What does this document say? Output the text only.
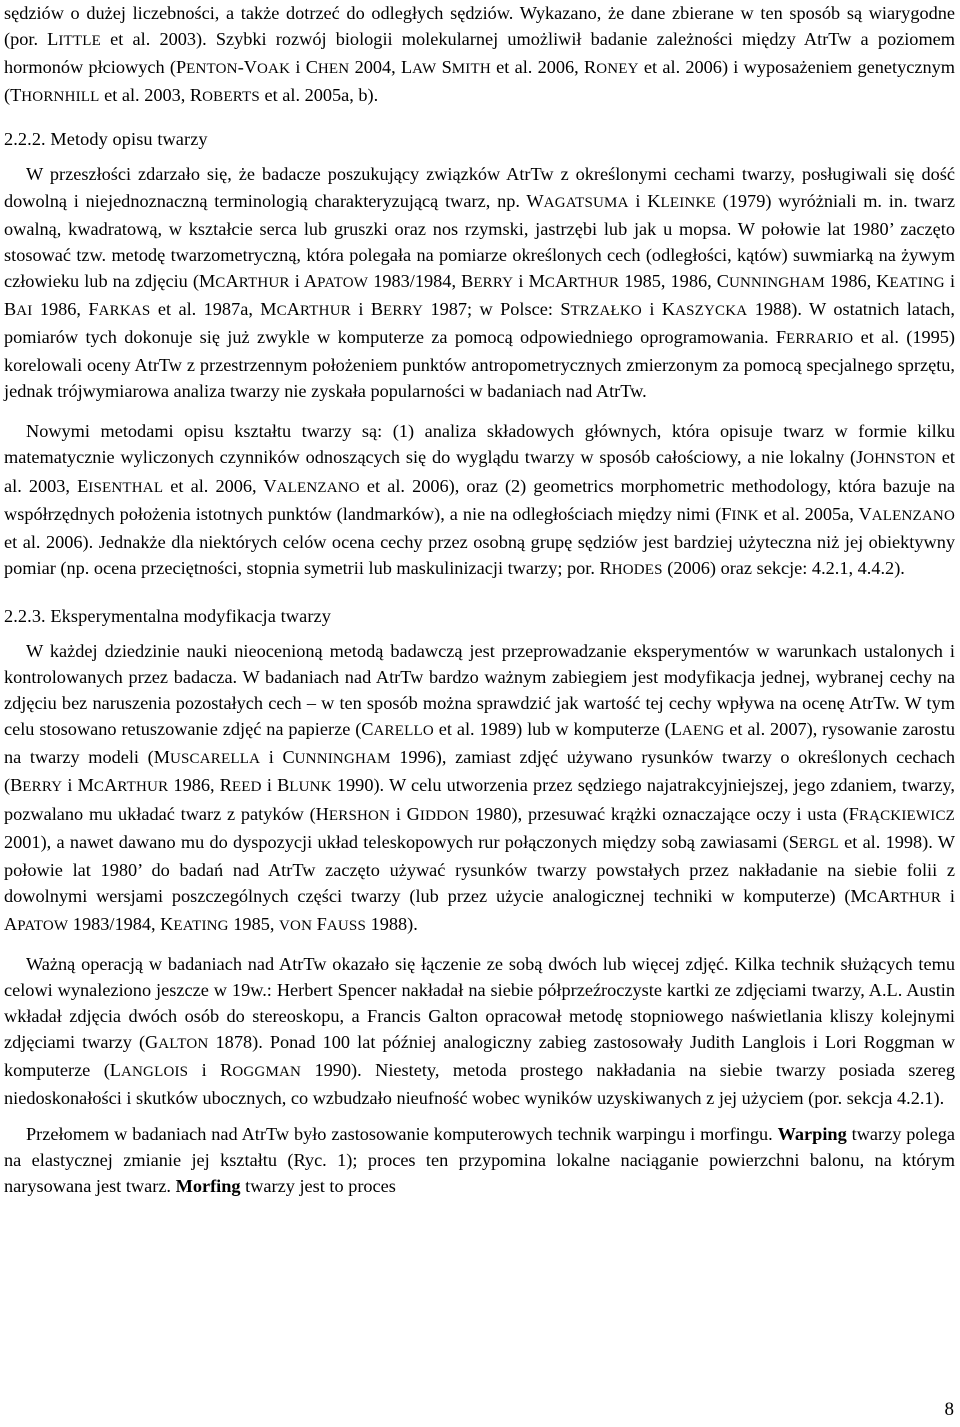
sędziów o dużej liczebności, a także dotrzeć do odległych sędziów. Wykazano, że dane zbierane w ten sposób są wiarygodne (por. LITTLE et al. 2003). Szybki rozwój biologii molekularnej umożliwił badanie zależności między AtrTw a poziomem hormonów płciowych (PENTON-VOAK i CHEN 2004, LAW SMITH et al. 2006, RONEY et al. 2006) i wyposażeniem genetycznym (THORNHILL et al. 2003, ROBERTS et al. 2005a, b).

2.2.2. Metody opisu twarzy

W przeszłości zdarzało się, że badacze poszukujący związków AtrTw z określonymi cechami twarzy, posługiwali się dość dowolną i niejednoznaczną terminologią charakteryzującą twarz, np. WAGATSUMA i KLEINKE (1979) wyróżniali m. in. twarz owalną, kwadratową, w kształcie serca lub gruszki oraz nos rzymski, jastrzębi lub jak u mopsa. W połowie lat 1980’ zaczęto stosować tzw. metodę twarzometryczną, która polegała na pomiarze określonych cech (odległości, kątów) suwmiarką na żywym człowieku lub na zdjęciu (MCARTHUR i APATOW 1983/1984, BERRY i MCARTHUR 1985, 1986, CUNNINGHAM 1986, KEATING i BAI 1986, FARKAS et al. 1987a, MCARTHUR i BERRY 1987; w Polsce: STRZAŁKO i KASZYCKA 1988). W ostatnich latach, pomiarów tych dokonuje się już zwykle w komputerze za pomocą odpowiedniego oprogramowania. FERRARIO et al. (1995) korelowali oceny AtrTw z przestrzennym położeniem punktów antropometrycznych zmierzonym za pomocą specjalnego sprzętu, jednak trójwymiarowa analiza twarzy nie zyskała popularności w badaniach nad AtrTw.

Nowymi metodami opisu kształtu twarzy są: (1) analiza składowych głównych, która opisuje twarz w formie kilku matematycznie wyliczonych czynników odnoszących się do wyglądu twarzy w sposób całościowy, a nie lokalny (JOHNSTON et al. 2003, EISENTHAL et al. 2006, VALENZANO et al. 2006), oraz (2) geometrics morphometric methodology, która bazuje na współrzędnych położenia istotnych punktów (landmarków), a nie na odległościach między nimi (FINK et al. 2005a, VALENZANO et al. 2006). Jednakże dla niektórych celów ocena cechy przez osobną grupę sędziów jest bardziej użyteczna niż jej obiektywny pomiar (np. ocena przeciętności, stopnia symetrii lub maskulinizacji twarzy; por. RHODES (2006) oraz sekcje: 4.2.1, 4.4.2).

2.2.3. Eksperymentalna modyfikacja twarzy

W każdej dziedzinie nauki nieocenioną metodą badawczą jest przeprowadzanie eksperymentów w warunkach ustalonych i kontrolowanych przez badacza. W badaniach nad AtrTw bardzo ważnym zabiegiem jest modyfikacja jednej, wybranej cechy na zdjęciu bez naruszenia pozostałych cech – w ten sposób można sprawdzić jak wartość tej cechy wpływa na ocenę AtrTw. W tym celu stosowano retuszowanie zdjęć na papierze (CARELLO et al. 1989) lub w komputerze (LAENG et al. 2007), rysowanie zarostu na twarzy modeli (MUSCARELLA i CUNNINGHAM 1996), zamiast zdjęć używano rysunków twarzy o określonych cechach (BERRY i MCARTHUR 1986, REED i BLUNK 1990). W celu utworzenia przez sędziego najatrakcyjniejszej, jego zdaniem, twarzy, pozwalano mu układać twarz z patyków (HERSHON i GIDDON 1980), przesuwać krążki oznaczające oczy i usta (FRĄCKIEWICZ 2001), a nawet dawano mu do dyspozycji układ teleskopowych rur połączonych między sobą zawiasami (SERGL et al. 1998). W połowie lat 1980’ do badań nad AtrTw zaczęto używać rysunków twarzy powstałych przez nakładanie na siebie folii z dowolnymi wersjami poszczególnych części twarzy (lub przez użycie analogicznej techniki w komputerze) (MCARTHUR i APATOW 1983/1984, KEATING 1985, VON FAUSS 1988).

Ważną operacją w badaniach nad AtrTw okazało się łączenie ze sobą dwóch lub więcej zdjęć. Kilka technik służących temu celowi wynaleziono jeszcze w 19w.: Herbert Spencer nakładał na siebie półprzeźroczyste kartki ze zdjęciami twarzy, A.L. Austin wkładał zdjęcia dwóch osób do stereoskopu, a Francis Galton opracował metodę stopniowego naświetlania kliszy kolejnymi zdjęciami twarzy (GALTON 1878). Ponad 100 lat później analogiczny zabieg zastosowały Judith Langlois i Lori Roggman w komputerze (LANGLOIS i ROGGMAN 1990). Niestety, metoda prostego nakładania na siebie twarzy posiada szereg niedoskonałości i skutków ubocznych, co wzbudzało nieufność wobec wyników uzyskiwanych z jej użyciem (por. sekcja 4.2.1).

Przełomem w badaniach nad AtrTw było zastosowanie komputerowych technik warpingu i morfingu. Warping twarzy polega na elastycznej zmianie jej kształtu (Ryc. 1); proces ten przypomina lokalne naciąganie powierzchni balonu, na którym narysowana jest twarz. Morfing twarzy jest to proces

8
